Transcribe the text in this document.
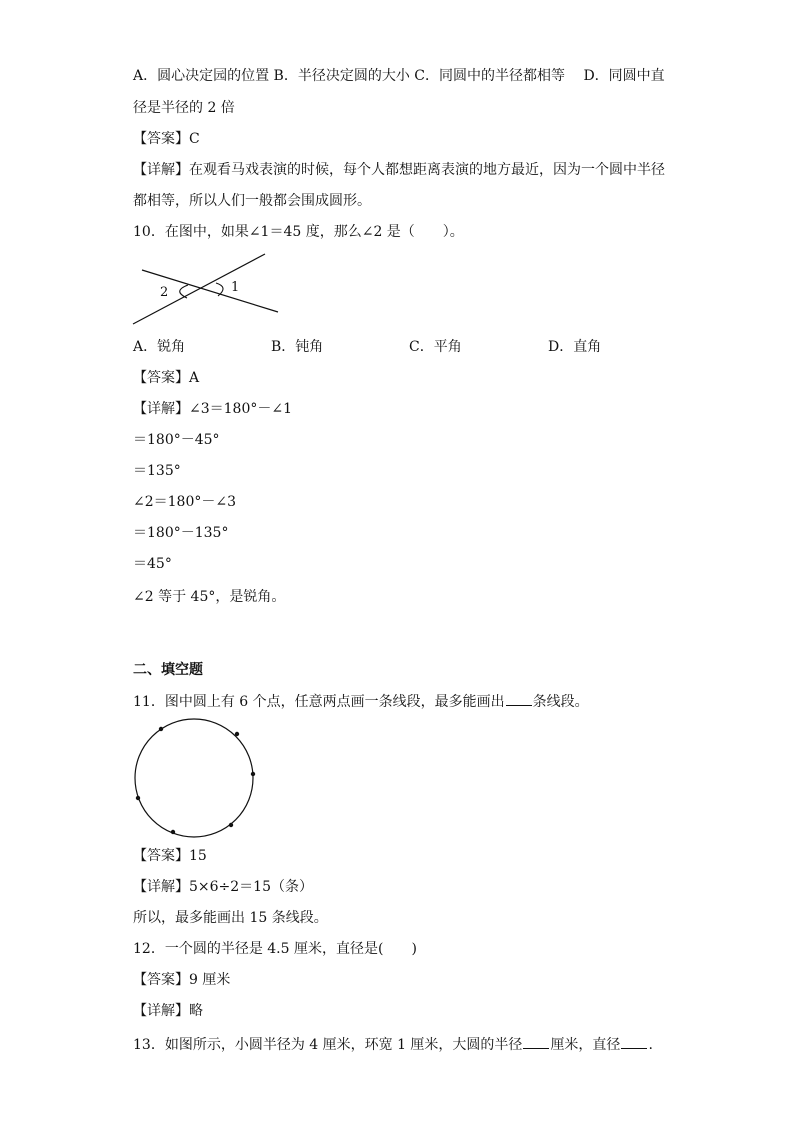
A．圆心决定园的位置 B．半径决定圆的大小 C．同圆中的半径都相等　 D．同圆中直
径是半径的 2 倍
【答案】C
【详解】在观看马戏表演的时候，每个人都想距离表演的地方最近，因为一个圆中半径
都相等，所以人们一般都会围成圆形。
10．在图中，如果∠1＝45 度，那么∠2 是（　　）。
2	1
A．锐角	B．钝角	C．平角	D．直角
【答案】A
【详解】∠3＝180°－∠1
＝180°－45°
＝135°
∠2＝180°－∠3
＝180°－135°
＝45°
∠2 等于 45°，是锐角。
二、填空题
11．图中圆上有 6 个点，任意两点画一条线段，最多能画出 条线段。
【答案】15
【详解】5×6÷2＝15（条）
所以，最多能画出 15 条线段。
12．一个圆的半径是 4.5 厘米，直径是(　　)
【答案】9 厘米
【详解】略
13．如图所示，小圆半径为 4 厘米，环宽 1 厘米，大圆的半径 厘米，直径 .
